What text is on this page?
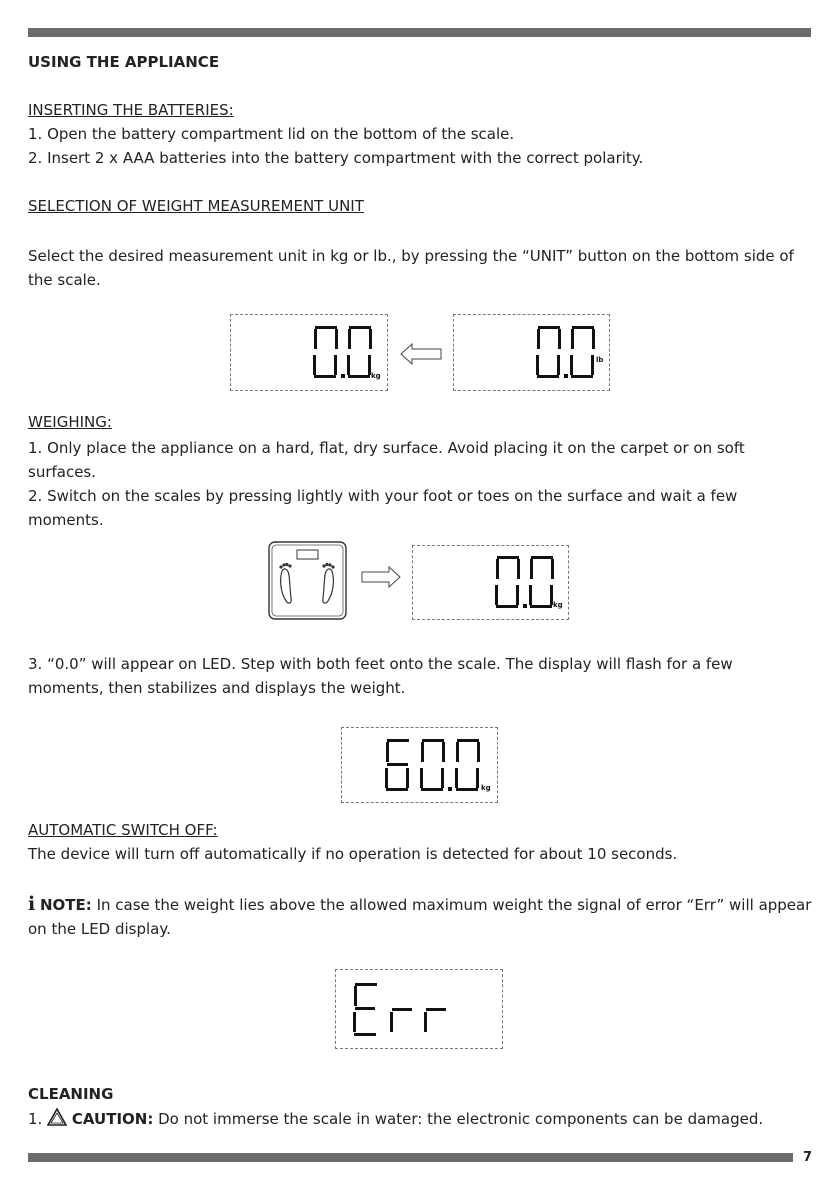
USING THE APPLIANCE
INSERTING THE BATTERIES:
1. Open the battery compartment lid on the bottom of the scale.
2. Insert 2 x AAA batteries into the battery compartment with the correct polarity.
SELECTION OF WEIGHT MEASUREMENT UNIT
Select the desired measurement unit in kg or lb., by pressing the “UNIT” button on the bottom side of the scale.
kg
lb
WEIGHING:
1. Only place the appliance on a hard, flat, dry surface. Avoid placing it on the carpet or on soft surfaces.
2. Switch on the scales by pressing lightly with your foot or toes on the surface and wait a few moments.
kg
3. “0.0” will appear on LED. Step with both feet onto the scale. The display will flash for a few moments, then stabilizes and displays the weight.
kg
AUTOMATIC SWITCH OFF:
The device will turn off automatically if no operation is detected for about 10 seconds.
i NOTE: In case the weight lies above the allowed maximum weight the signal of error “Err” will appear on the LED display.
CLEANING
1. CAUTION: Do not immerse the scale in water: the electronic components can be damaged.
7
